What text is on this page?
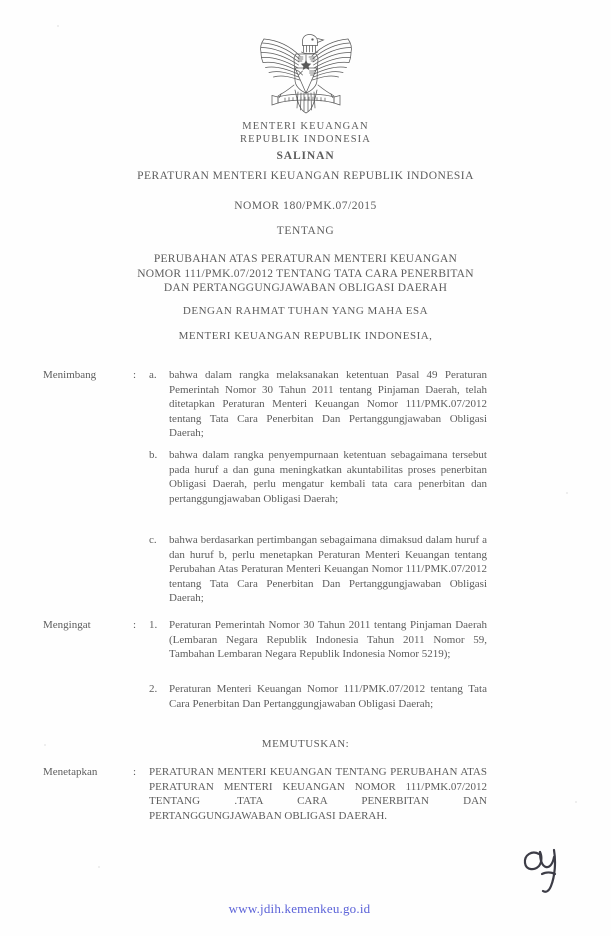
MENTERI KEUANGAN
REPUBLIK INDONESIA
SALINAN
PERATURAN MENTERI KEUANGAN REPUBLIK INDONESIA
NOMOR 180/PMK.07/2015
TENTANG
PERUBAHAN ATAS PERATURAN MENTERI KEUANGAN
NOMOR 111/PMK.07/2012 TENTANG TATA CARA PENERBITAN
DAN PERTANGGUNGJAWABAN OBLIGASI DAERAH
DENGAN RAHMAT TUHAN YANG MAHA ESA
MENTERI KEUANGAN REPUBLIK INDONESIA,
Menimbang	:	a.	bahwa dalam rangka melaksanakan ketentuan Pasal 49 Peraturan Pemerintah Nomor 30 Tahun 2011 tentang Pinjaman Daerah, telah ditetapkan Peraturan Menteri Keuangan Nomor 111/PMK.07/2012 tentang Tata Cara Penerbitan Dan Pertanggungjawaban Obligasi Daerah;
b.	bahwa dalam rangka penyempurnaan ketentuan sebagaimana tersebut pada huruf a dan guna meningkatkan akuntabilitas proses penerbitan Obligasi Daerah, perlu mengatur kembali tata cara penerbitan dan pertanggungjawaban Obligasi Daerah;
c.	bahwa berdasarkan pertimbangan sebagaimana dimaksud dalam huruf a dan huruf b, perlu menetapkan Peraturan Menteri Keuangan tentang Perubahan Atas Peraturan Menteri Keuangan Nomor 111/PMK.07/2012 tentang Tata Cara Penerbitan Dan Pertanggungjawaban Obligasi Daerah;
Mengingat	:	1.	Peraturan Pemerintah Nomor 30 Tahun 2011 tentang Pinjaman Daerah (Lembaran Negara Republik Indonesia Tahun 2011 Nomor 59, Tambahan Lembaran Negara Republik Indonesia Nomor 5219);
2.	Peraturan Menteri Keuangan Nomor 111/PMK.07/2012 tentang Tata Cara Penerbitan Dan Pertanggungjawaban Obligasi Daerah;
MEMUTUSKAN:
Menetapkan	:	PERATURAN MENTERI KEUANGAN TENTANG PERUBAHAN ATAS PERATURAN MENTERI KEUANGAN NOMOR 111/PMK.07/2012 TENTANG .TATA CARA PENERBITAN DAN PERTANGGUNGJAWABAN OBLIGASI DAERAH.
www.jdih.kemenkeu.go.id
